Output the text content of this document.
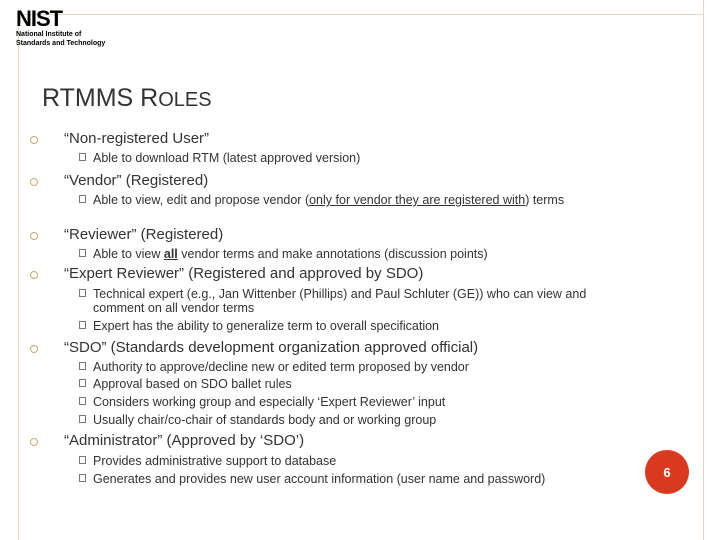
NIST
National Institute of
Standards and Technology
RTMMS ROLES
“Non-registered User”
Able to download RTM (latest approved version)
“Vendor” (Registered)
Able to view, edit and propose vendor (only for vendor they are registered with) terms
“Reviewer” (Registered)
Able to view all vendor terms and make annotations (discussion points)
“Expert Reviewer” (Registered and approved by SDO)
Technical expert (e.g., Jan Wittenber (Phillips) and Paul Schluter (GE)) who can view and comment on all vendor terms
Expert has the ability to generalize term to overall specification
“SDO” (Standards development organization approved official)
Authority to approve/decline new or edited term proposed by vendor
Approval based on SDO ballet rules
Considers working group and especially ‘Expert Reviewer’ input
Usually chair/co-chair of standards body and or working group
“Administrator” (Approved by ‘SDO’)
Provides administrative support to database
Generates and provides new user account information (user name and password)	6
